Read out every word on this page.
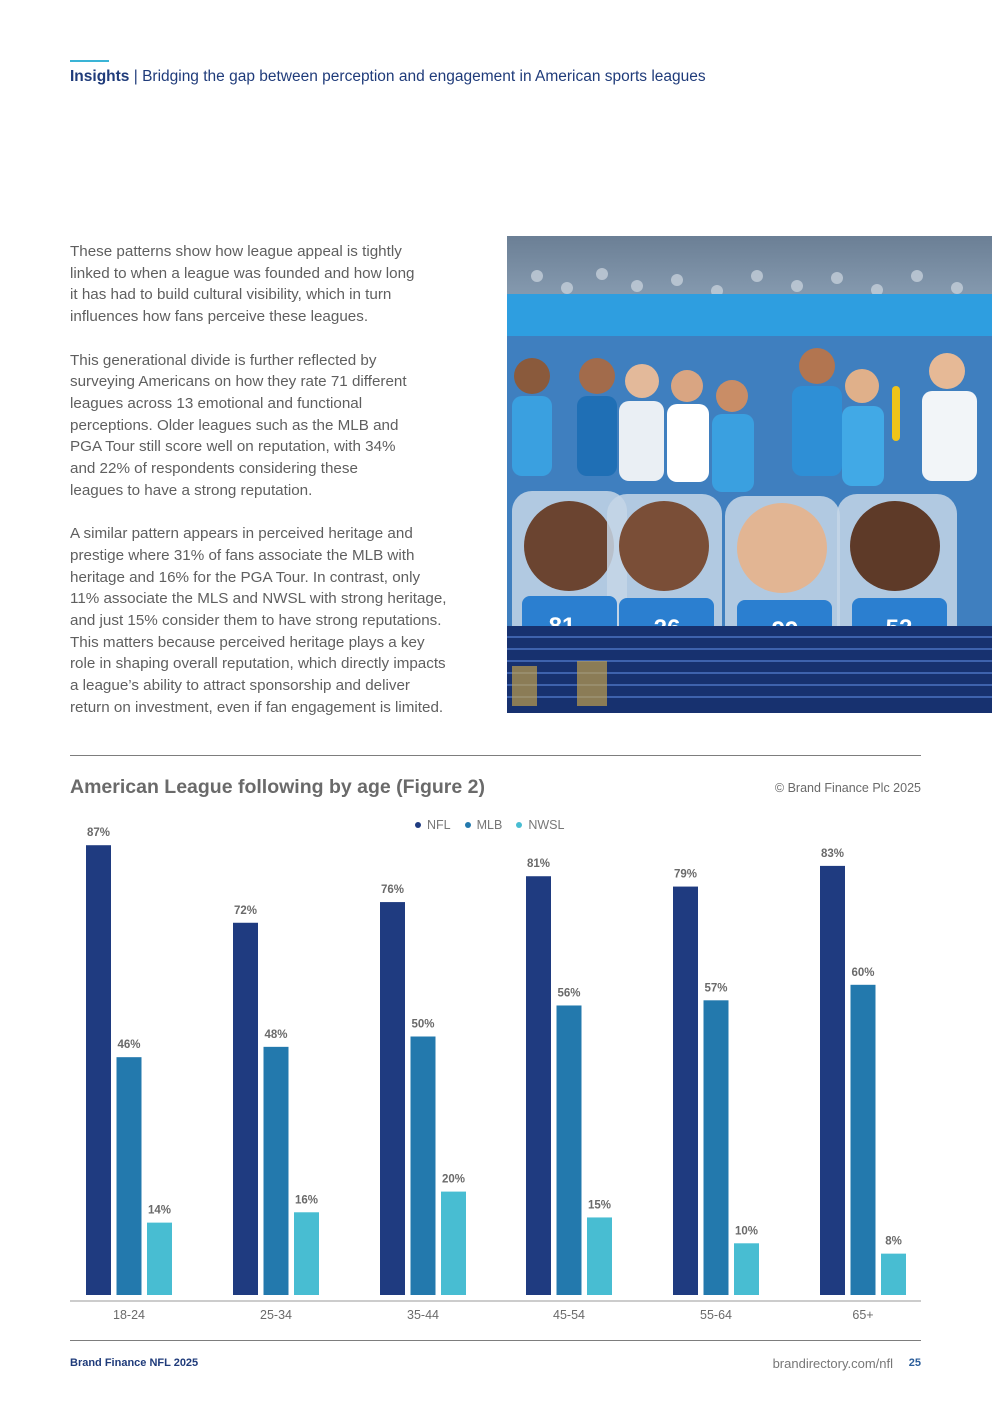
Insights | Bridging the gap between perception and engagement in American sports leagues

These patterns show how league appeal is tightly
linked to when a league was founded and how long
it has had to build cultural visibility, which in turn
influences how fans perceive these leagues.

This generational divide is further reflected by
surveying Americans on how they rate 71 different
leagues across 13 emotional and functional
perceptions. Older leagues such as the MLB and
PGA Tour still score well on reputation, with 34%
and 22% of respondents considering these
leagues to have a strong reputation.

A similar pattern appears in perceived heritage and
prestige where 31% of fans associate the MLB with
heritage and 16% for the PGA Tour. In contrast, only
11% associate the MLS and NWSL with strong heritage,
and just 15% consider them to have strong reputations.
This matters because perceived heritage plays a key
role in shaping overall reputation, which directly impacts
a league’s ability to attract sponsorship and deliver
return on investment, even if fan engagement is limited.

American League following by age (Figure 2)	© Brand Finance Plc 2025
NFL MLB NWSL
87%
46%
14%
18-24
72%
48%
16%
25-34
76%
50%
20%
35-44
81%
56%
15%
45-54
79%
57%
10%
55-64
83%
60%
8%
65+
Brand Finance NFL 2025	brandirectory.com/nfl 25
